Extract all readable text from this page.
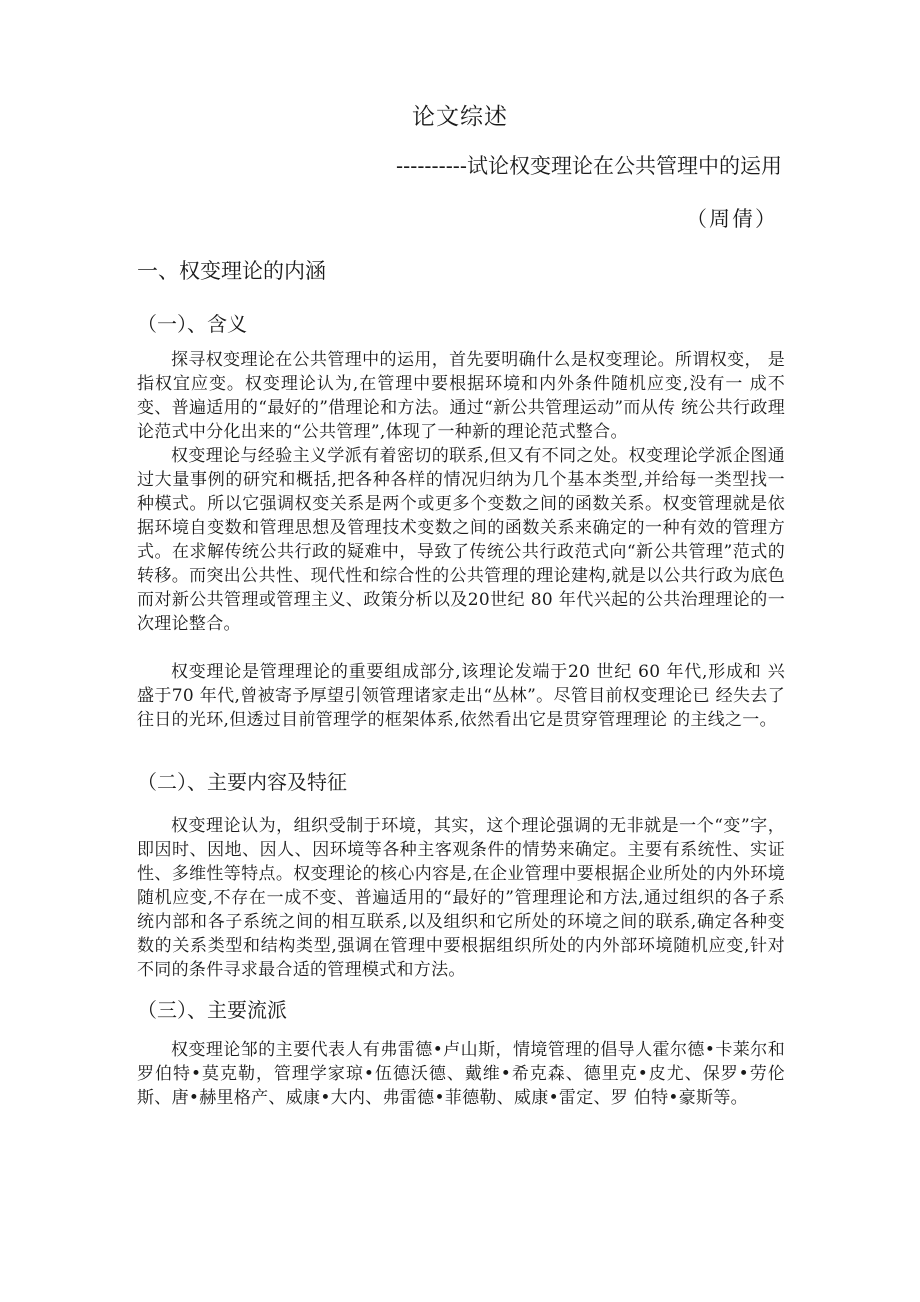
论文综述

----------试论权变理论在公共管理中的运用

（周倩）

一、权变理论的内涵
（一）、含义

探寻权变理论在公共管理中的运用，首先要明确什么是权变理论。所谓权变， 是指权宜应变。权变理论认为,在管理中要根据环境和内外条件随机应变,没有一 成不变、普遍适用的“最好的”借理论和方法。通过“新公共管理运动”而从传 统公共行政理论范式中分化出来的“公共管理”,体现了一种新的理论范式整合。

权变理论与经验主义学派有着密切的联系,但又有不同之处。权变理论学派企图通过大量事例的研究和概括,把各种各样的情况归纳为几个基本类型,并给每一类型找一种模式。所以它强调权变关系是两个或更多个变数之间的函数关系。权变管理就是依据环境自变数和管理思想及管理技术变数之间的函数关系来确定的一种有效的管理方式。在求解传统公共行政的疑难中，导致了传统公共行政范式向“新公共管理”范式的转移。而突出公共性、现代性和综合性的公共管理的理论建构,就是以公共行政为底色而对新公共管理或管理主义、政策分析以及20世纪 80 年代兴起的公共治理理论的一次理论整合。

权变理论是管理理论的重要组成部分,该理论发端于20 世纪 60 年代,形成和 兴盛于70 年代,曾被寄予厚望引领管理诸家走出“丛林”。尽管目前权变理论已 经失去了往日的光环,但透过目前管理学的框架体系,依然看出它是贯穿管理理论 的主线之一。

（二）、主要内容及特征

权变理论认为，组织受制于环境，其实，这个理论强调的无非就是一个“变”字，即因时、因地、因人、因环境等各种主客观条件的情势来确定。主要有系统性、实证性、多维性等特点。权变理论的核心内容是,在企业管理中要根据企业所处的内外环境随机应变,不存在一成不变、普遍适用的“最好的”管理理论和方法,通过组织的各子系统内部和各子系统之间的相互联系,以及组织和它所处的环境之间的联系,确定各种变数的关系类型和结构类型,强调在管理中要根据组织所处的内外部环境随机应变,针对不同的条件寻求最合适的管理模式和方法。

（三）、主要流派

权变理论邹的主要代表人有弗雷德•卢山斯，情境管理的倡导人霍尔德•卡莱尔和罗伯特•莫克勒，管理学家琼•伍德沃德、戴维•希克森、德里克•皮尤、保罗•劳伦斯、唐•赫里格产、威康•大内、弗雷德•菲德勒、威康•雷定、罗 伯特•豪斯等。
